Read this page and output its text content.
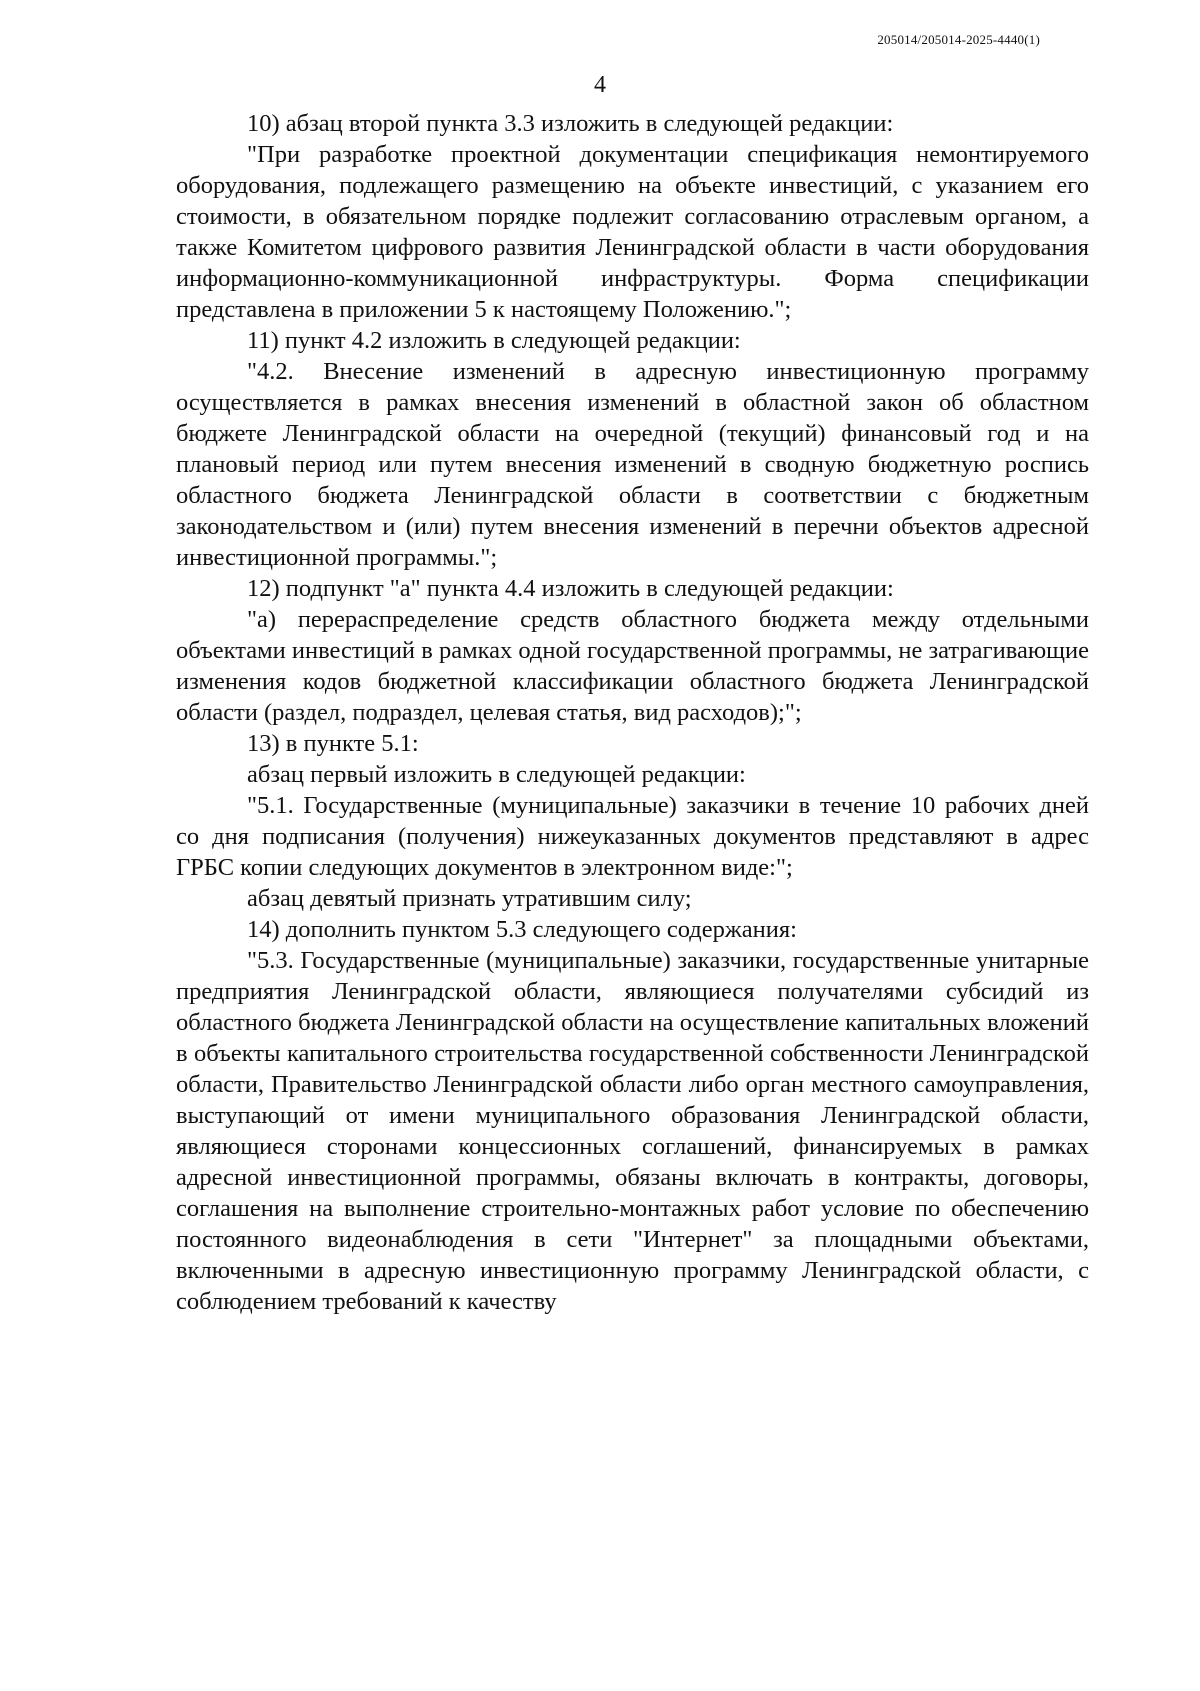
205014/205014-2025-4440(1)
4

10) абзац второй пункта 3.3 изложить в следующей редакции:

"При разработке проектной документации спецификация немонтируемого оборудования, подлежащего размещению на объекте инвестиций, с указанием его стоимости, в обязательном порядке подлежит согласованию отраслевым органом, а также Комитетом цифрового развития Ленинградской области в части оборудования информационно-коммуникационной инфраструктуры. Форма спецификации представлена в приложении 5 к настоящему Положению.";

11) пункт 4.2 изложить в следующей редакции:

"4.2. Внесение изменений в адресную инвестиционную программу осуществляется в рамках внесения изменений в областной закон об областном бюджете Ленинградской области на очередной (текущий) финансовый год и на плановый период или путем внесения изменений в сводную бюджетную роспись областного бюджета Ленинградской области в соответствии с бюджетным законодательством и (или) путем внесения изменений в перечни объектов адресной инвестиционной программы.";

12) подпункт "а" пункта 4.4 изложить в следующей редакции:

"а) перераспределение средств областного бюджета между отдельными объектами инвестиций в рамках одной государственной программы, не затрагивающие изменения кодов бюджетной классификации областного бюджета Ленинградской области (раздел, подраздел, целевая статья, вид расходов);";

13) в пункте 5.1:

абзац первый изложить в следующей редакции:

"5.1. Государственные (муниципальные) заказчики в течение 10 рабочих дней со дня подписания (получения) нижеуказанных документов представляют в адрес ГРБС копии следующих документов в электронном виде:";

абзац девятый признать утратившим силу;

14) дополнить пунктом 5.3 следующего содержания:

"5.3. Государственные (муниципальные) заказчики, государственные унитарные предприятия Ленинградской области, являющиеся получателями субсидий из областного бюджета Ленинградской области на осуществление капитальных вложений в объекты капитального строительства государственной собственности Ленинградской области, Правительство Ленинградской области либо орган местного самоуправления, выступающий от имени муниципального образования Ленинградской области, являющиеся сторонами концессионных соглашений, финансируемых в рамках адресной инвестиционной программы, обязаны включать в контракты, договоры, соглашения на выполнение строительно-монтажных работ условие по обеспечению постоянного видеонаблюдения в сети "Интернет" за площадными объектами, включенными в адресную инвестиционную программу Ленинградской области, с соблюдением требований к качеству
